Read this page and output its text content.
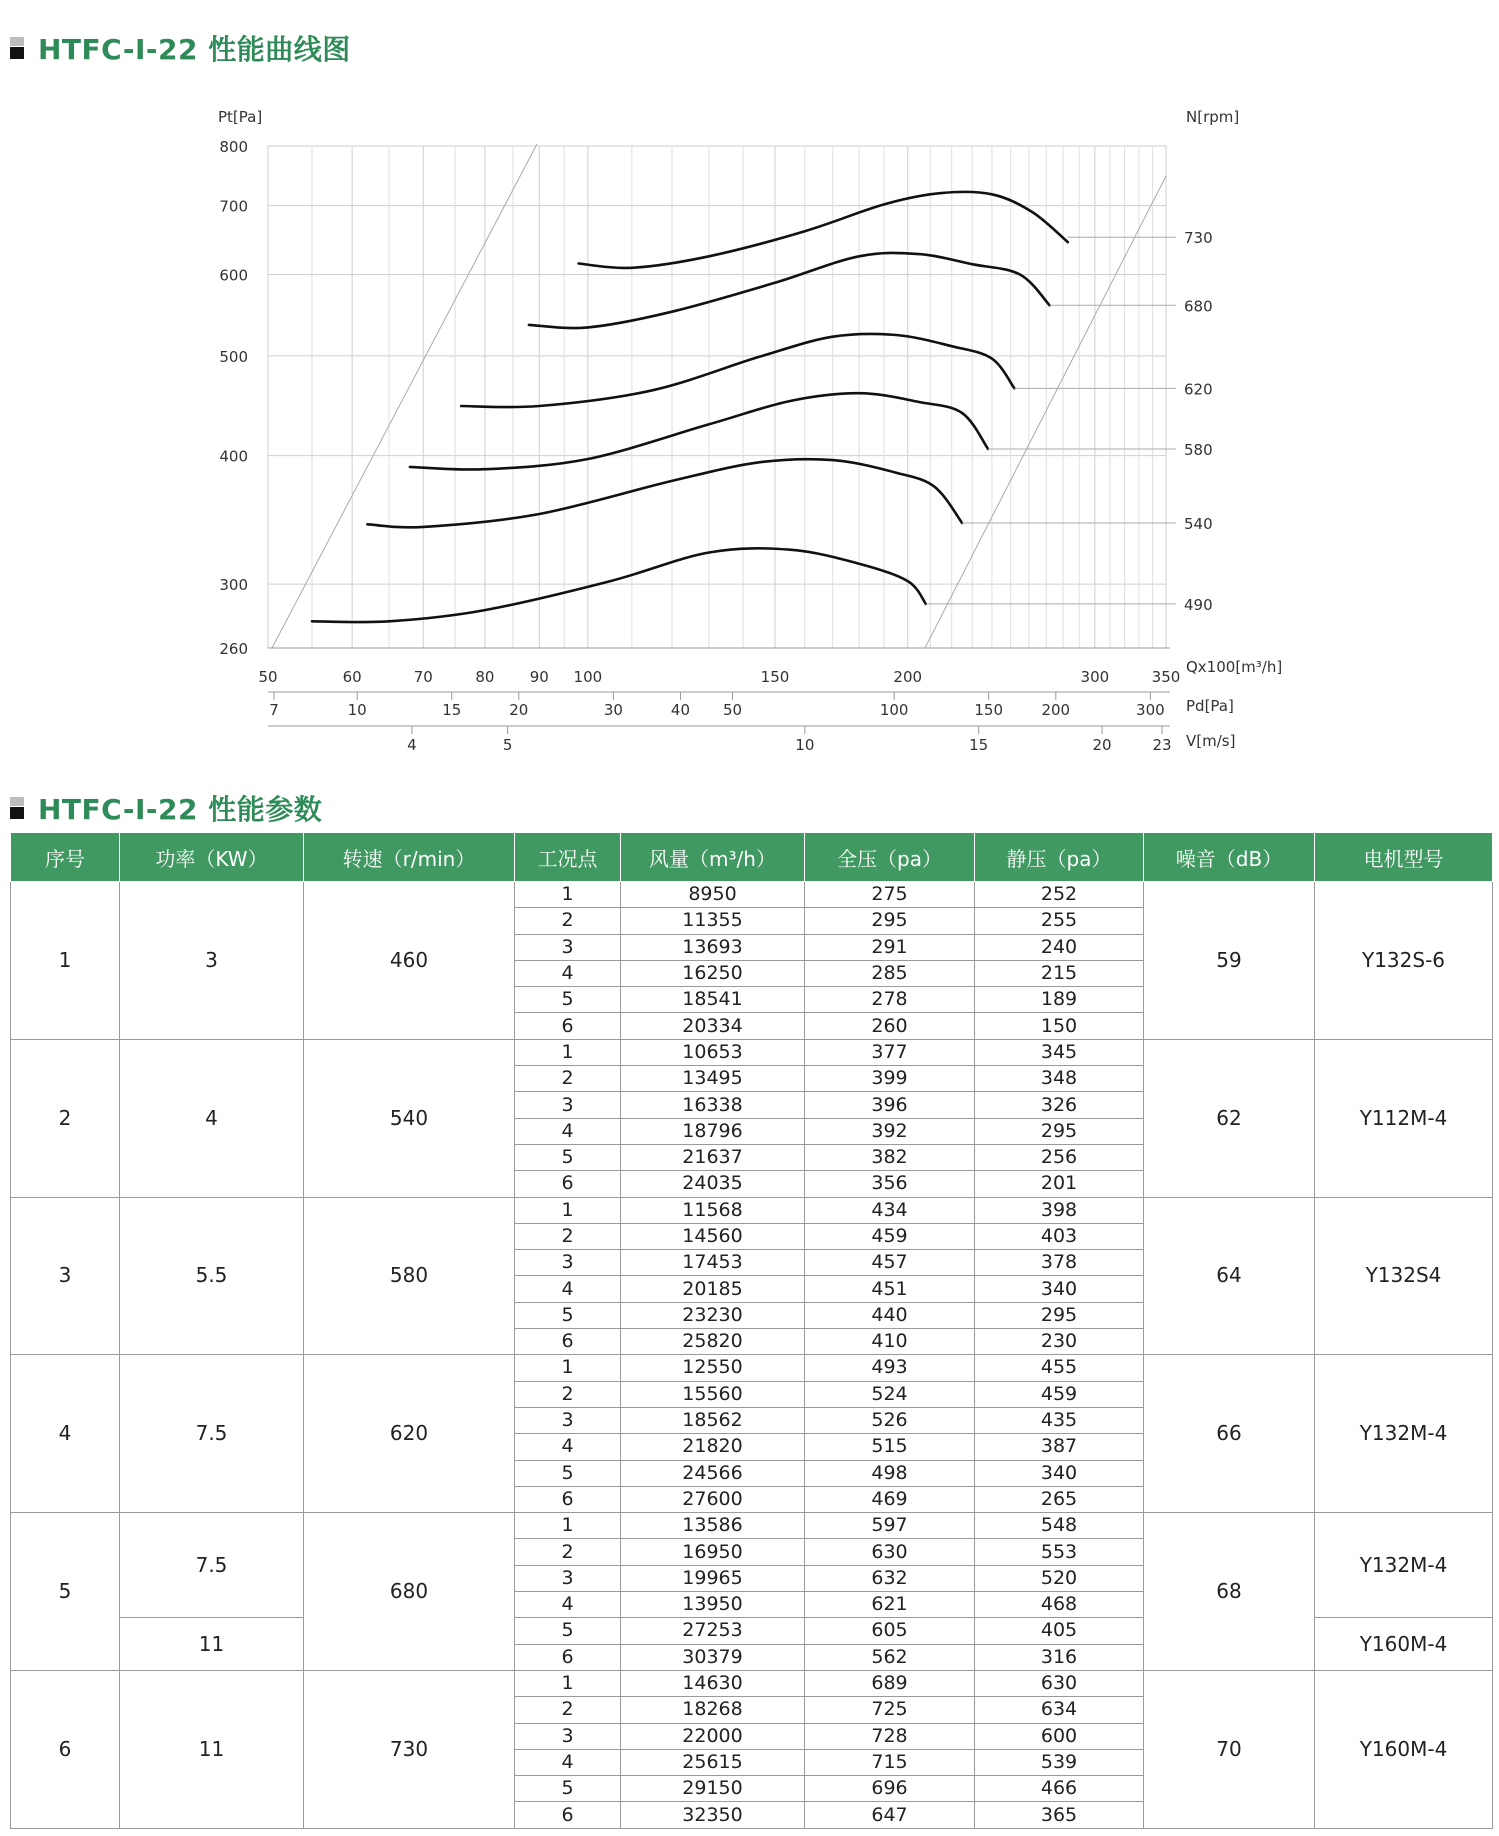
HTFC-I-22 性能曲线图
800
700
600
500
400
300
260
Pt[Pa]	N[rpm]
730
680
620
580
540
490
50	60	70	80 90 100	150	200	300	350
Qx100[m³/h]
7	10	15	20	30	40 50	100	150	200	300 Pd[Pa]
4	5	10	15	20	23 V[m/s]
HTFC-I-22 性能参数
序号	功率（KW）	转速（r/min）	工况点	风量（m³/h）	全压（pa）	静压（pa）	噪音（dB）	电机型号
1	3	460	1	8950	275	252	59	Y132S-6
			2	11355	295	255		
			3	13693	291	240		
			4	16250	285	215		
			5	18541	278	189		
			6	20334	260	150		
2	4	540	1	10653	377	345	62	Y112M-4
			2	13495	399	348		
			3	16338	396	326		
			4	18796	392	295		
			5	21637	382	256		
			6	24035	356	201		
3	5.5	580	1	11568	434	398	64	Y132S4
			2	14560	459	403		
			3	17453	457	378		
			4	20185	451	340		
			5	23230	440	295		
			6	25820	410	230		
4	7.5	620	1	12550	493	455	66	Y132M-4
			2	15560	524	459		
			3	18562	526	435		
			4	21820	515	387		
			5	24566	498	340		
			6	27600	469	265		
5	7.5	680	1	13586	597	548	68	Y132M-4
			2	16950	630	553		
			3	19965	632	520		
			4	13950	621	468		
	11		5	27253	605	405		Y160M-4
			6	30379	562	316		
6	11	730	1	14630	689	630	70	Y160M-4
			2	18268	725	634		
			3	22000	728	600		
			4	25615	715	539		
			5	29150	696	466		
			6	32350	647	365		
